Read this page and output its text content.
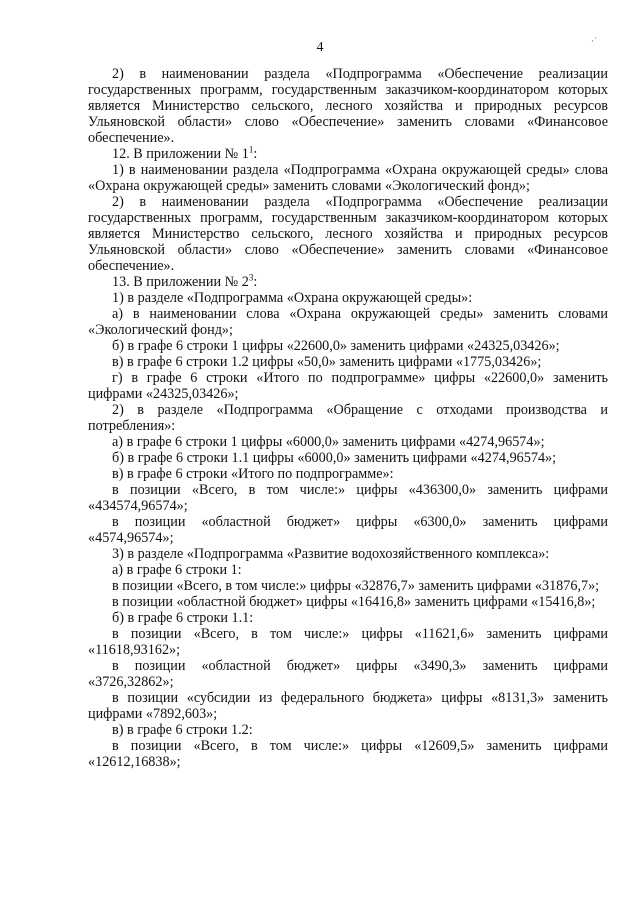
4	·˙

2) в наименовании раздела «Подпрограмма «Обеспечение реализации государственных программ, государственным заказчиком-координатором которых является Министерство сельского, лесного хозяйства и природных ресурсов Ульяновской области» слово «Обеспечение» заменить словами «Финансовое обеспечение».

12. В приложении № $1^1$:

1) в наименовании раздела «Подпрограмма «Охрана окружающей среды» слова «Охрана окружающей среды» заменить словами «Экологический фонд»;

2) в наименовании раздела «Подпрограмма «Обеспечение реализации государственных программ, государственным заказчиком-координатором которых является Министерство сельского, лесного хозяйства и природных ресурсов Ульяновской области» слово «Обеспечение» заменить словами «Финансовое обеспечение».

13. В приложении № $2^3$:

1) в разделе «Подпрограмма «Охрана окружающей среды»:

а) в наименовании слова «Охрана окружающей среды» заменить словами «Экологический фонд»;

б) в графе 6 строки 1 цифры «22600,0» заменить цифрами «24325,03426»;

в) в графе 6 строки 1.2 цифры «50,0» заменить цифрами «1775,03426»;

г) в графе 6 строки «Итого по подпрограмме» цифры «22600,0» заменить цифрами «24325,03426»;

2) в разделе «Подпрограмма «Обращение с отходами производства и потребления»:

а) в графе 6 строки 1 цифры «6000,0» заменить цифрами «4274,96574»;

б) в графе 6 строки 1.1 цифры «6000,0» заменить цифрами «4274,96574»;

в) в графе 6 строки «Итого по подпрограмме»:

в позиции «Всего, в том числе:» цифры «436300,0» заменить цифрами «434574,96574»;

в позиции «областной бюджет» цифры «6300,0» заменить цифрами «4574,96574»;

3) в разделе «Подпрограмма «Развитие водохозяйственного комплекса»:

а) в графе 6 строки 1:

в позиции «Всего, в том числе:» цифры «32876,7» заменить цифрами «31876,7»;

в позиции «областной бюджет» цифры «16416,8» заменить цифрами «15416,8»;

б) в графе 6 строки 1.1:

в позиции «Всего, в том числе:» цифры «11621,6» заменить цифрами «11618,93162»;

в позиции «областной бюджет» цифры «3490,3» заменить цифрами «3726,32862»;

в позиции «субсидии из федерального бюджета» цифры «8131,3» заменить цифрами «7892,603»;

в) в графе 6 строки 1.2:

в позиции «Всего, в том числе:» цифры «12609,5» заменить цифрами «12612,16838»;
